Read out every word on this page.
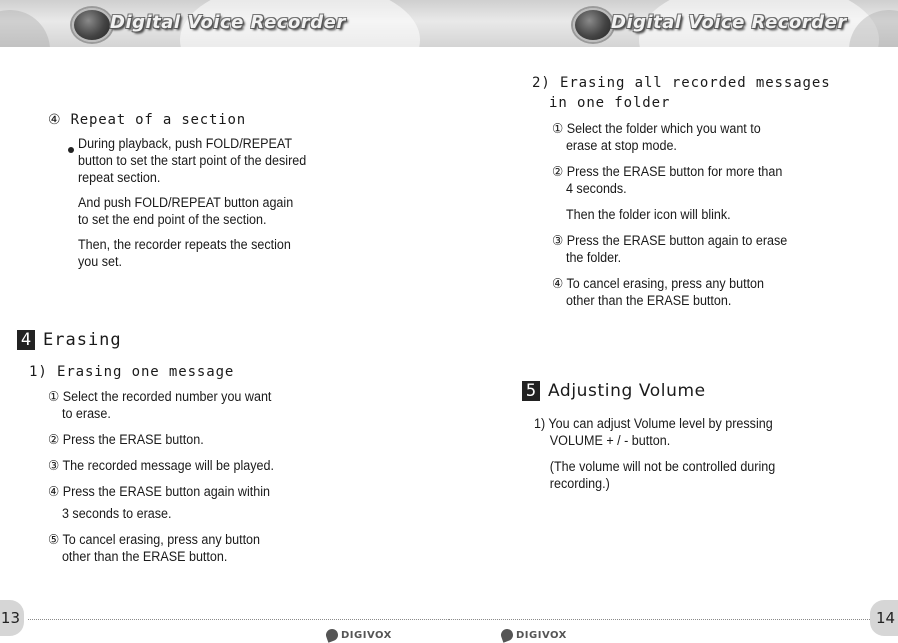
Digital Voice Recorder
④ Repeat of a section
During playback, push FOLD/REPEAT
button to set the start point of the desired
repeat section.
And push FOLD/REPEAT button again
to set the end point of the section.
Then, the recorder repeats the section
you set.
4 Erasing
1) Erasing one message
① Select the recorded number you want
to erase.
② Press the ERASE button.
③ The recorded message will be played.
④ Press the ERASE button again within
3 seconds to erase.
⑤ To cancel erasing, press any button
other than the ERASE button.
13
DIGIVOX
Digital Voice Recorder
2) Erasing all recorded messages
in one folder
① Select the folder which you want to
erase at stop mode.
② Press the ERASE button for more than
4 seconds.
Then the folder icon will blink.
③ Press the ERASE button again to erase
the folder.
④ To cancel erasing, press any button
other than the ERASE button.
5 Adjusting Volume
1) You can adjust Volume level by pressing
VOLUME + / - button.
(The volume will not be controlled during
recording.)
14
DIGIVOX
